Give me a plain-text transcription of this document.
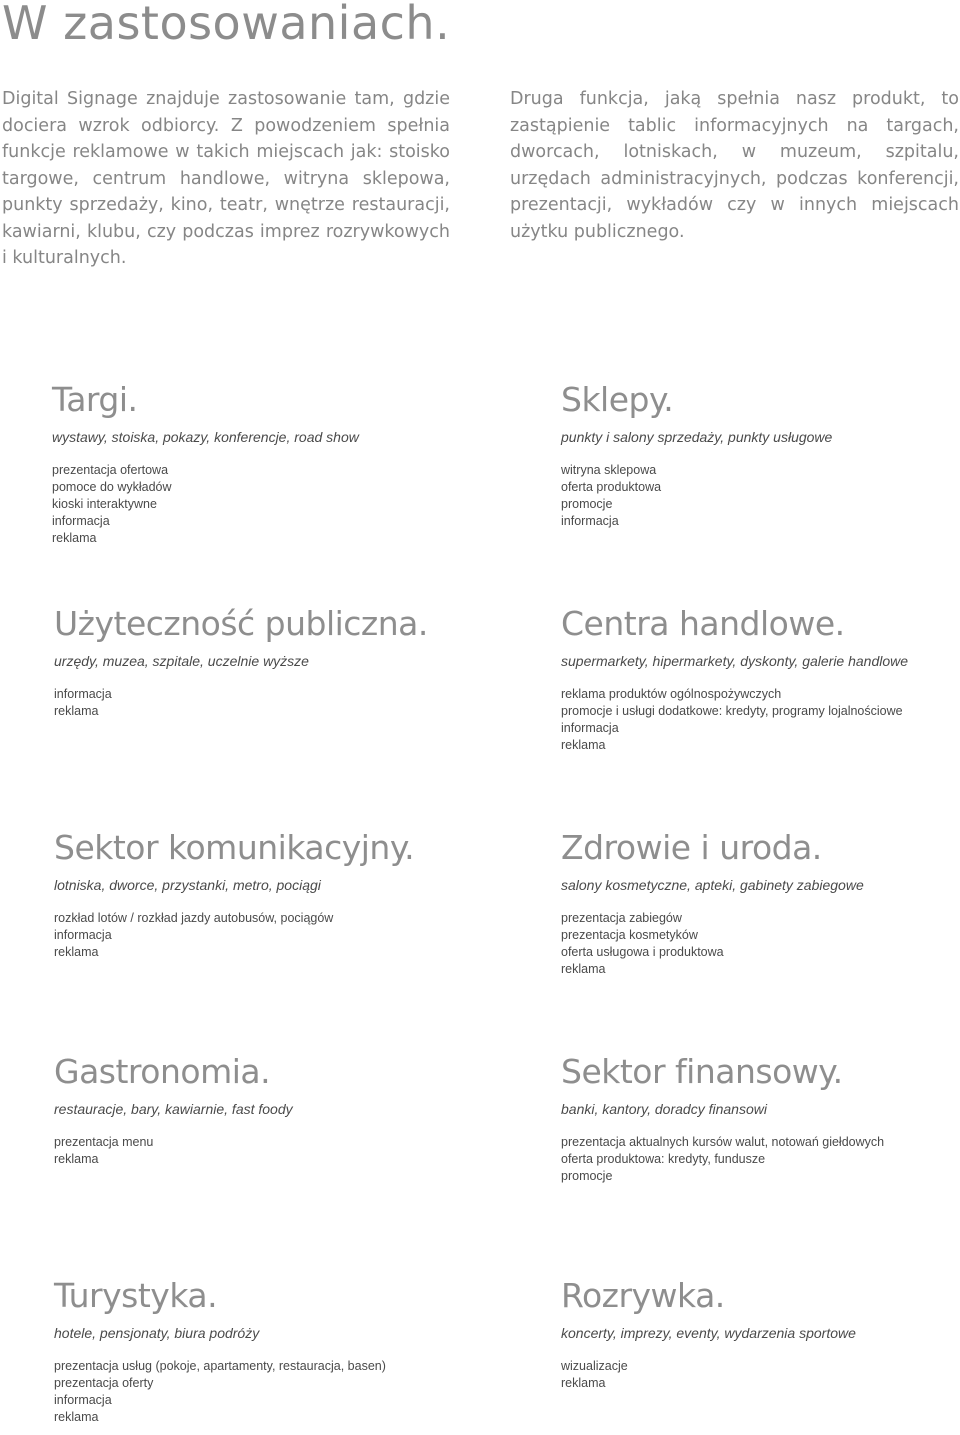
W zastosowaniach.

Digital Signage znajduje zastosowanie tam, gdzie dociera wzrok odbiorcy. Z powodzeniem spełnia funkcje reklamowe w takich miejscach jak: stoisko targowe, centrum handlowe, witryna sklepowa, punkty sprzedaży, kino, teatr, wnętrze restauracji, kawiarni, klubu, czy podczas imprez rozrywkowych i kulturalnych.

Druga funkcja, jaką spełnia nasz produkt, to zastąpienie tablic informacyjnych na targach, dworcach, lotniskach, w muzeum, szpitalu, urzędach administracyjnych, podczas konferencji, prezentacji, wykładów czy w innych miejscach użytku publicznego.

Targi.

wystawy, stoiska, pokazy, konferencje, road show

prezentacja ofertowa
pomoce do wykładów
kioski interaktywne
informacja
reklama
Sklepy.

punkty i salony sprzedaży, punkty usługowe

witryna sklepowa
oferta produktowa
promocje
informacja
Użyteczność publiczna.

urzędy, muzea, szpitale, uczelnie wyższe

informacja
reklama
Centra handlowe.

supermarkety, hipermarkety, dyskonty, galerie handlowe

reklama produktów ogólnospożywczych
promocje i usługi dodatkowe: kredyty, programy lojalnościowe
informacja
reklama
Sektor komunikacyjny.

lotniska, dworce, przystanki, metro, pociągi

rozkład lotów / rozkład jazdy autobusów, pociągów
informacja
reklama
Zdrowie i uroda.

salony kosmetyczne, apteki, gabinety zabiegowe

prezentacja zabiegów
prezentacja kosmetyków
oferta usługowa i produktowa
reklama
Gastronomia.

restauracje, bary, kawiarnie, fast foody

prezentacja menu
reklama
Sektor finansowy.

banki, kantory, doradcy finansowi

prezentacja aktualnych kursów walut, notowań giełdowych
oferta produktowa: kredyty, fundusze
promocje
Turystyka.

hotele, pensjonaty, biura podróży

prezentacja usług (pokoje, apartamenty, restauracja, basen)
prezentacja oferty
informacja
reklama
Rozrywka.

koncerty, imprezy, eventy, wydarzenia sportowe

wizualizacje
reklama
